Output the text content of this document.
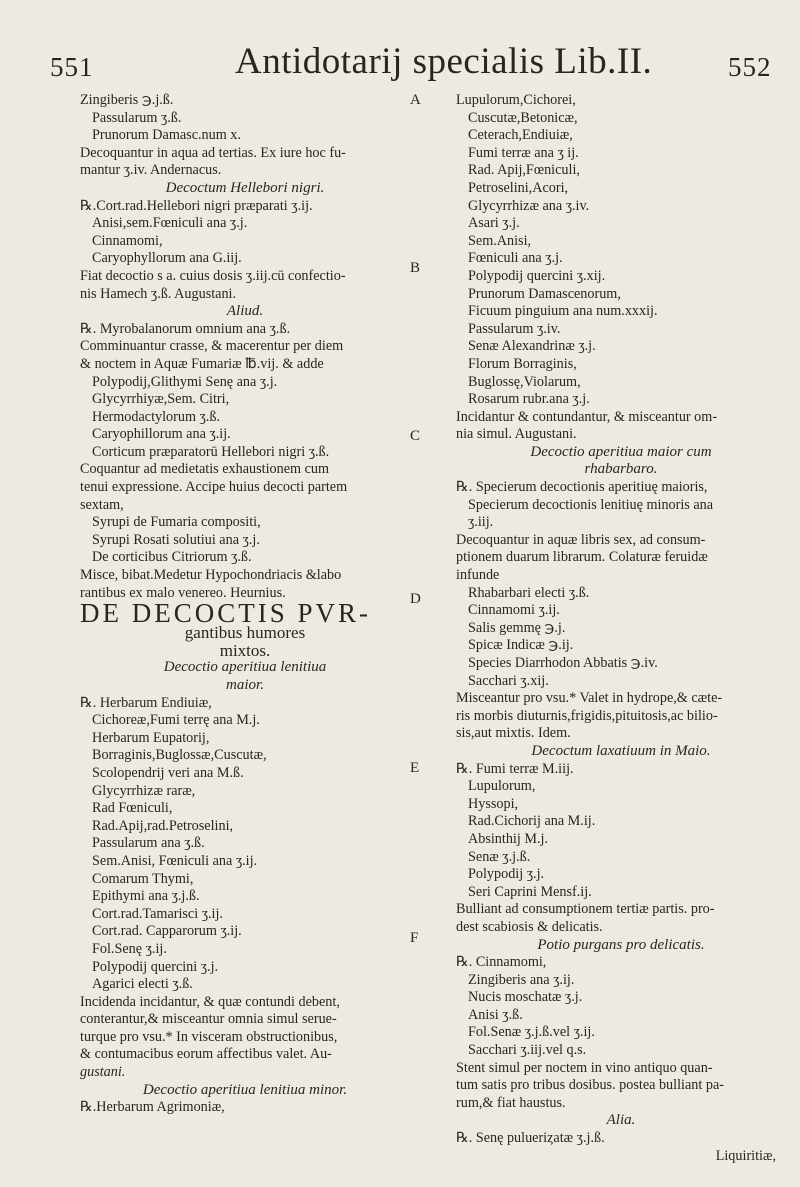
551	Antidotarij specialis Lib.II.	552
A
B
C
D
E
F
Zingiberis ℈.j.ß.
Passularum ʒ.ß.
Prunorum Damasc.num x.
Decoquantur in aqua ad tertias. Ex iure hoc fu-
mantur ʒ.iv. Andernacus.
Decoctum Hellebori nigri.
℞.Cort.rad.Hellebori nigri præparati ʒ.ij.
Anisi,sem.Fœniculi ana ʒ.j.
Cinnamomi,
Caryophyllorum ana G.iij.
Fiat decoctio s a. cuius dosis ʒ.iij.cū confectio-
nis Hamech ʒ.ß. Augustani.
Aliud.
℞. Myrobalanorum omnium ana ʒ.ß.
Comminuantur crasse, & macerentur per diem
& noctem in Aquæ Fumariæ ℔.vij. & adde
Polypodij,Glithymi Senę ana ʒ.j.
Glycyrrhiyæ,Sem. Citri,
Hermodactylorum ʒ.ß.
Caryophillorum ana ʒ.ij.
Corticum præparatorū Hellebori nigri ʒ.ß.
Coquantur ad medietatis exhaustionem cum
tenui expressione. Accipe huius decocti partem
sextam,
Syrupi de Fumaria compositi,
Syrupi Rosati solutiui ana ʒ.j.
De corticibus Citriorum ʒ.ß.
Misce, bibat.Medetur Hypochondriacis &labo
rantibus ex malo venereo. Heurnius.
DE DECOCTIS PVR-
gantibus humores
mixtos.
Decoctio aperitiua lenitiua
maior.
℞. Herbarum Endiuiæ,
Cichoreæ,Fumi terrę ana M.j.
Herbarum Eupatorij,
Borraginis,Buglossæ,Cuscutæ,
Scolopendrij veri ana M.ß.
Glycyrrhizæ raræ,
Rad Fœniculi,
Rad.Apij,rad.Petroselini,
Passularum ana ʒ.ß.
Sem.Anisi, Fœniculi ana ʒ.ij.
Comarum Thymi,
Epithymi ana ʒ.j.ß.
Cort.rad.Tamarisci ʒ.ij.
Cort.rad. Capparorum ʒ.ij.
Fol.Senę ʒ.ij.
Polypodij quercini ʒ.j.
Agarici electi ʒ.ß.
Incidenda incidantur, & quæ contundi debent,
conterantur,& misceantur omnia simul serue-
turque pro vsu.* In visceram obstructionibus,
& contumacibus eorum affectibus valet. Au-
gustani.
Decoctio aperitiua lenitiua minor.
℞.Herbarum Agrimoniæ,
Lupulorum,Cichorei,
Cuscutæ,Betonicæ,
Ceterach,Endiuiæ,
Fumi terræ ana ʒ ij.
Rad. Apij,Fœniculi,
Petroselini,Acori,
Glycyrrhizæ ana ʒ.iv.
Asari ʒ.j.
Sem.Anisi,
Fœniculi ana ʒ.j.
Polypodij quercini ʒ.xij.
Prunorum Damascenorum,
Ficuum pinguium ana num.xxxij.
Passularum ʒ.iv.
Senæ Alexandrinæ ʒ.j.
Florum Borraginis,
Buglossę,Violarum,
Rosarum rubr.ana ʒ.j.
Incidantur & contundantur, & misceantur om-
nia simul. Augustani.
Decoctio aperitiua maior cum
rhabarbaro.
℞. Specierum decoctionis aperitiuę maioris,
Specierum decoctionis lenitiuę minoris ana
ʒ.iij.
Decoquantur in aquæ libris sex, ad consum-
ptionem duarum librarum. Colaturæ feruidæ
infunde
Rhabarbari electi ʒ.ß.
Cinnamomi ʒ.ij.
Salis gemmę ℈.j.
Spicæ Indicæ ℈.ij.
Species Diarrhodon Abbatis ℈.iv.
Sacchari ʒ.xij.
Misceantur pro vsu.* Valet in hydrope,& cæte-
ris morbis diuturnis,frigidis,pituitosis,ac bilio-
sis,aut mixtis. Idem.
Decoctum laxatiuum in Maio.
℞. Fumi terræ M.iij.
Lupulorum,
Hyssopi,
Rad.Cichorij ana M.ij.
Absinthij M.j.
Senæ ʒ.j.ß.
Polypodij ʒ.j.
Seri Caprini Mensf.ij.
Bulliant ad consumptionem tertiæ partis. pro-
dest scabiosis & delicatis.
Potio purgans pro delicatis.
℞. Cinnamomi,
Zingiberis ana ʒ.ij.
Nucis moschatæ ʒ.j.
Anisi ʒ.ß.
Fol.Senæ ʒ.j.ß.vel ʒ.ij.
Sacchari ʒ.iij.vel q.s.
Stent simul per noctem in vino antiquo quan-
tum satis pro tribus dosibus. postea bulliant pa-
rum,& fiat haustus.
Alia.
℞. Senę pulueriȥatæ ʒ.j.ß.
Liquiritiæ,
